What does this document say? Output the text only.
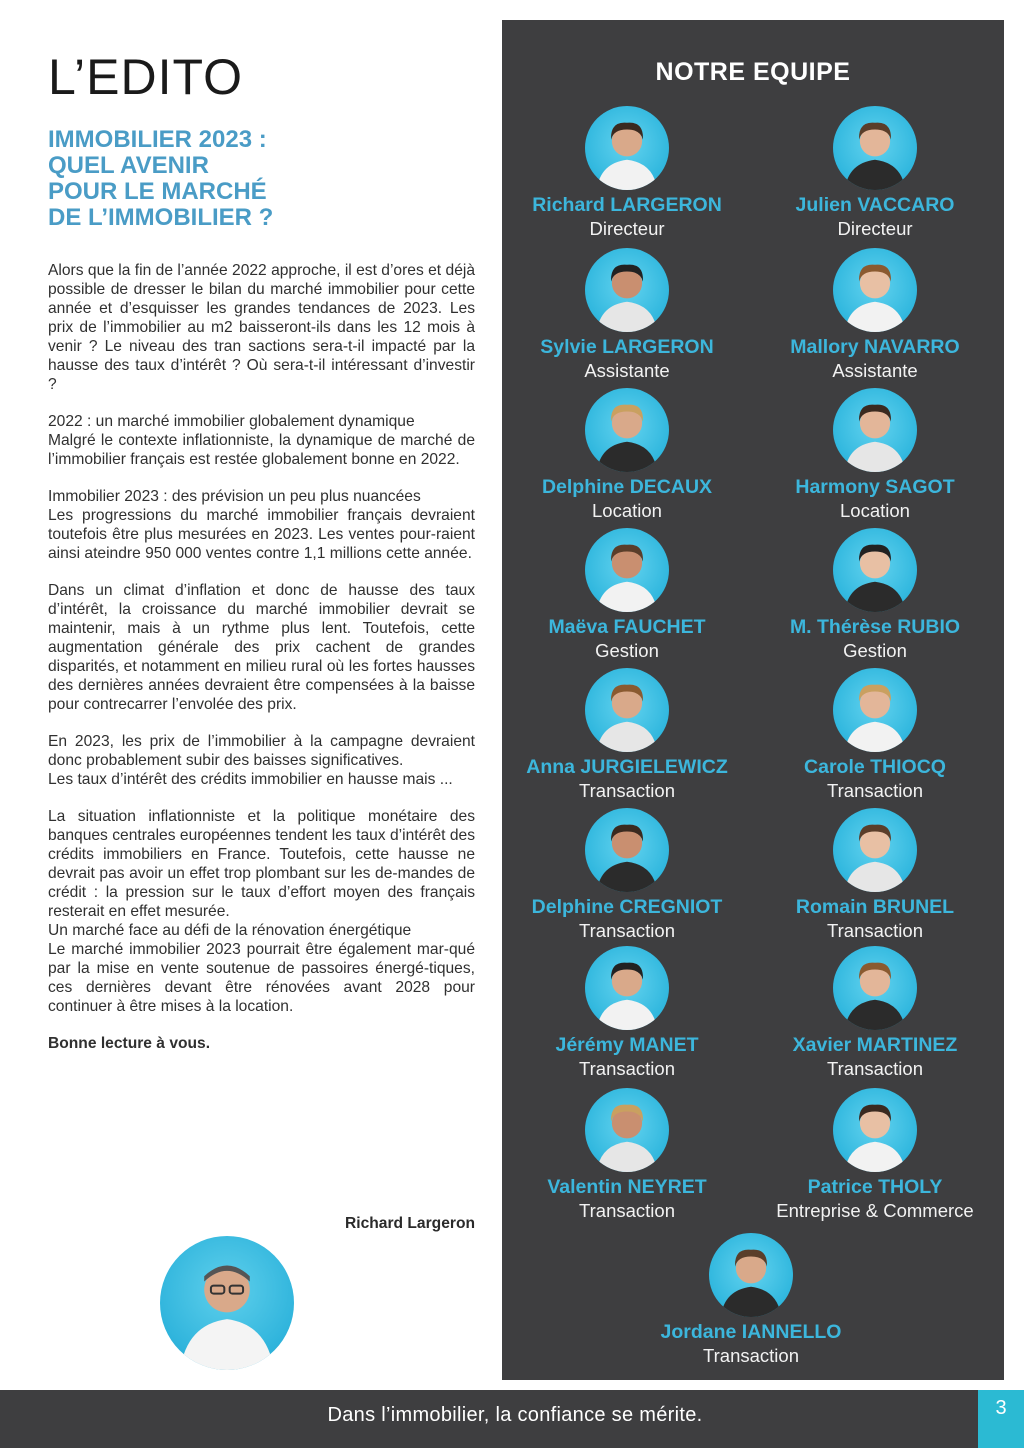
L’EDITO
IMMOBILIER 2023 :
QUEL AVENIR
POUR LE MARCHÉ
DE L’IMMOBILIER ?

Alors que la fin de l’année 2022 approche, il est d’ores et déjà possible de dresser le bilan du marché immobilier pour cette année et d’esquisser les grandes tendances de 2023. Les prix de l’immobilier au m2 baisseront-ils dans les 12 mois à venir ? Le niveau des tran sactions sera-t-il impacté par la hausse des taux d’intérêt ? Où sera-t-il intéressant d’investir ?

2022 : un marché immobilier globalement dynamique
Malgré le contexte inflationniste, la dynamique de marché de l’immobilier français est restée globalement bonne en 2022.

Immobilier 2023 : des prévision un peu plus nuancées
Les progressions du marché immobilier français devraient toutefois être plus mesurées en 2023. Les ventes pour-raient ainsi ateindre 950 000 ventes contre 1,1 millions cette année.

Dans un climat d’inflation et donc de hausse des taux d’intérêt, la croissance du marché immobilier devrait se maintenir, mais à un rythme plus lent. Toutefois, cette augmentation générale des prix cachent de grandes disparités, et notamment en milieu rural où les fortes hausses des dernières années devraient être compensées à la baisse pour contrecarrer l’envolée des prix.

En 2023, les prix de l’immobilier à la campagne devraient donc probablement subir des baisses significatives.
Les taux d’intérêt des crédits immobilier en hausse mais ...

La situation inflationniste et la politique monétaire des banques centrales européennes tendent les taux d’intérêt des crédits immobiliers en France. Toutefois, cette hausse ne devrait pas avoir un effet trop plombant sur les de-mandes de crédit : la pression sur le taux d’effort moyen des français resterait en effet mesurée.
Un marché face au défi de la rénovation énergétique
Le marché immobilier 2023 pourrait être également mar-qué par la mise en vente soutenue de passoires énergé-tiques, ces dernières devant être rénovées avant 2028 pour continuer à être mises à la location.

Bonne lecture à vous.
Richard Largeron
NOTRE EQUIPE
Richard LARGERON
Directeur
Julien VACCARO
Directeur
Sylvie LARGERON
Assistante
Mallory NAVARRO
Assistante
Delphine DECAUX
Location
Harmony SAGOT
Location
Maëva FAUCHET
Gestion
M. Thérèse RUBIO
Gestion
Anna JURGIELEWICZ
Transaction
Carole THIOCQ
Transaction
Delphine CREGNIOT
Transaction
Romain BRUNEL
Transaction
Jérémy MANET
Transaction
Xavier MARTINEZ
Transaction
Valentin NEYRET
Transaction
Patrice THOLY
Entreprise & Commerce
Jordane IANNELLO
Transaction
Dans l’immobilier, la confiance se mérite.	3
